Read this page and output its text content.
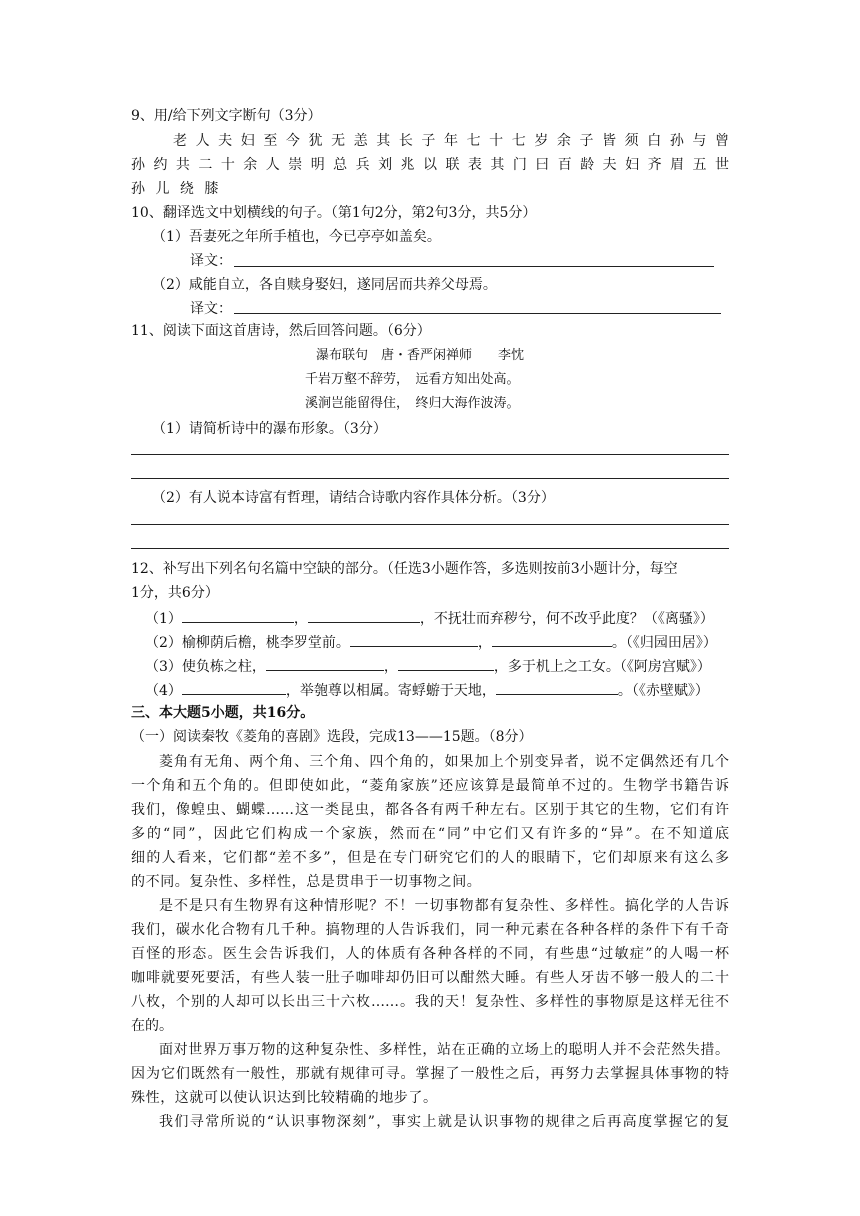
9、用/给下列文字断句（3分）
老 人 夫 妇 至 今 犹 无 恙 其 长 子 年 七 十 七 岁 余 子 皆 须 白 孙 与 曾
孙 约 共 二 十 余 人 崇 明 总 兵 刘 兆 以 联 表 其 门 曰 百 龄 夫 妇 齐 眉 五 世
孙 儿 绕 膝
10、翻译选文中划横线的句子。（第1句2分，第2句3分，共5分）
（1）吾妻死之年所手植也，今已亭亭如盖矣。
译文：
（2）咸能自立，各自赎身娶妇，遂同居而共养父母焉。
译文：
11、阅读下面这首唐诗，然后回答问题。（6分）
瀑布联句　唐・香严闲禅师　　李忱
千岩万壑不辞劳，　远看方知出处高。
溪涧岂能留得住，　终归大海作波涛。
（1）请简析诗中的瀑布形象。（3分）
（2）有人说本诗富有哲理，请结合诗歌内容作具体分析。（3分）
12、补写出下列名句名篇中空缺的部分。（任选3小题作答，多选则按前3小题计分，每空
1分，共6分）
（1）	，	，不抚壮而弃秽兮，何不改乎此度？（《离骚》）
（2）榆柳荫后檐，桃李罗堂前。	，	。（《归园田居》）
（3）使负栋之柱，	，	，多于机上之工女。（《阿房宫赋》）
（4）	，举匏尊以相属。寄蜉蝣于天地，	。（《赤壁赋》）
三、本大题5小题，共16分。
（一）阅读秦牧《菱角的喜剧》选段，完成13——15题。（8分）
菱角有无角、两个角、三个角、四个角的，如果加上个别变异者，说不定偶然还有几个
一个角和五个角的。但即使如此，“菱角家族”还应该算是最简单不过的。生物学书籍告诉
我们，像蝗虫、蝴蝶……这一类昆虫，都各各有两千种左右。区别于其它的生物，它们有许
多的“同”，因此它们构成一个家族，然而在“同”中它们又有许多的“异”。在不知道底
细的人看来，它们都“差不多”，但是在专门研究它们的人的眼睛下，它们却原来有这么多
的不同。复杂性、多样性，总是贯串于一切事物之间。
是不是只有生物界有这种情形呢？不！一切事物都有复杂性、多样性。搞化学的人告诉
我们，碳水化合物有几千种。搞物理的人告诉我们，同一种元素在各种各样的条件下有千奇
百怪的形态。医生会告诉我们，人的体质有各种各样的不同，有些患“过敏症”的人喝一杯
咖啡就要死要活，有些人装一肚子咖啡却仍旧可以酣然大睡。有些人牙齿不够一般人的二十
八枚，个别的人却可以长出三十六枚……。我的天！复杂性、多样性的事物原是这样无往不
在的。
面对世界万事万物的这种复杂性、多样性，站在正确的立场上的聪明人并不会茫然失措。
因为它们既然有一般性，那就有规律可寻。掌握了一般性之后，再努力去掌握具体事物的特
殊性，这就可以使认识达到比较精确的地步了。
我们寻常所说的“认识事物深刻”，事实上就是认识事物的规律之后再高度掌握它的复
